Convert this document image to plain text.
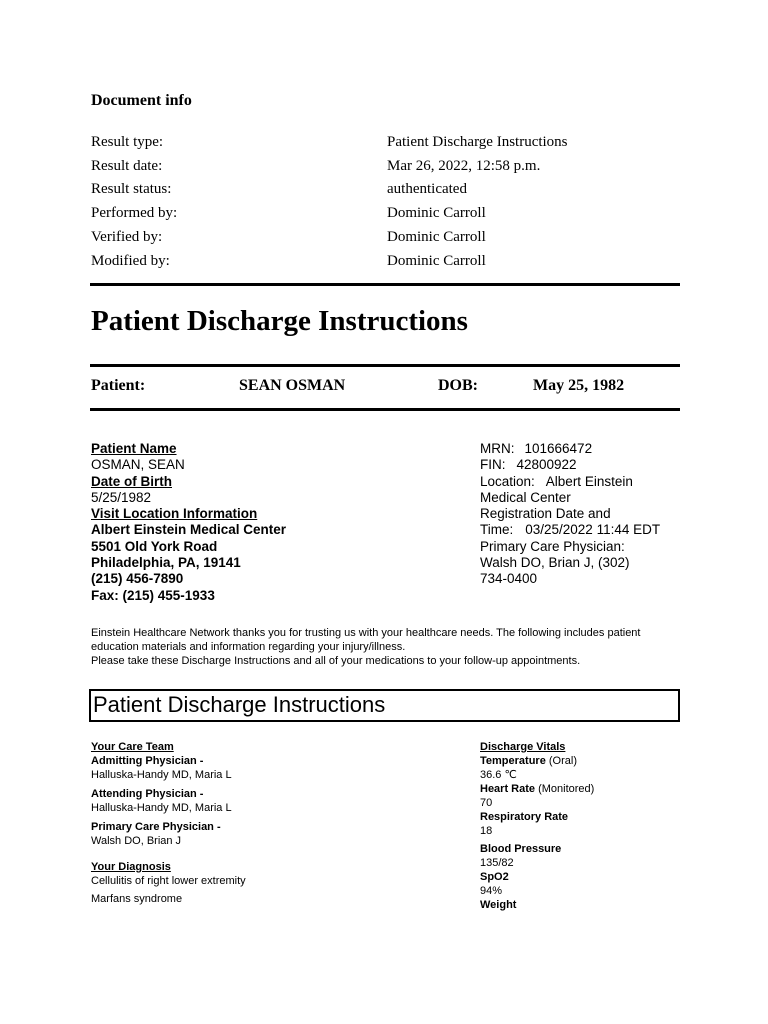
Document info
Result type:	Patient Discharge Instructions
Result date:	Mar 26, 2022, 12:58 p.m.
Result status:	authenticated
Performed by:	Dominic Carroll
Verified by:	Dominic Carroll
Modified by:	Dominic Carroll
Patient Discharge Instructions
Patient:	SEAN OSMAN	DOB:	May 25, 1982
Patient Name
OSMAN, SEAN
Date of Birth
5/25/1982
Visit Location Information
Albert Einstein Medical Center
5501 Old York Road
Philadelphia, PA, 19141
(215) 456-7890
Fax: (215) 455-1933
MRN: 101666472
FIN: 42800922
Location: Albert Einstein
Medical Center
Registration Date and
Time: 03/25/2022 11:44 EDT
Primary Care Physician:
Walsh DO, Brian J, (302)
734-0400
Einstein Healthcare Network thanks you for trusting us with your healthcare needs. The following includes patient
education materials and information regarding your injury/illness.
Please take these Discharge Instructions and all of your medications to your follow-up appointments.
Patient Discharge Instructions
Your Care Team
Admitting Physician -
Halluska-Handy MD, Maria L
Attending Physician -
Halluska-Handy MD, Maria L
Primary Care Physician -
Walsh DO, Brian J
Your Diagnosis
Cellulitis of right lower extremity
Marfans syndrome
Discharge Vitals
Temperature (Oral)
36.6 ℃
Heart Rate (Monitored)
70
Respiratory Rate
18
Blood Pressure
135/82
SpO2
94%
Weight
